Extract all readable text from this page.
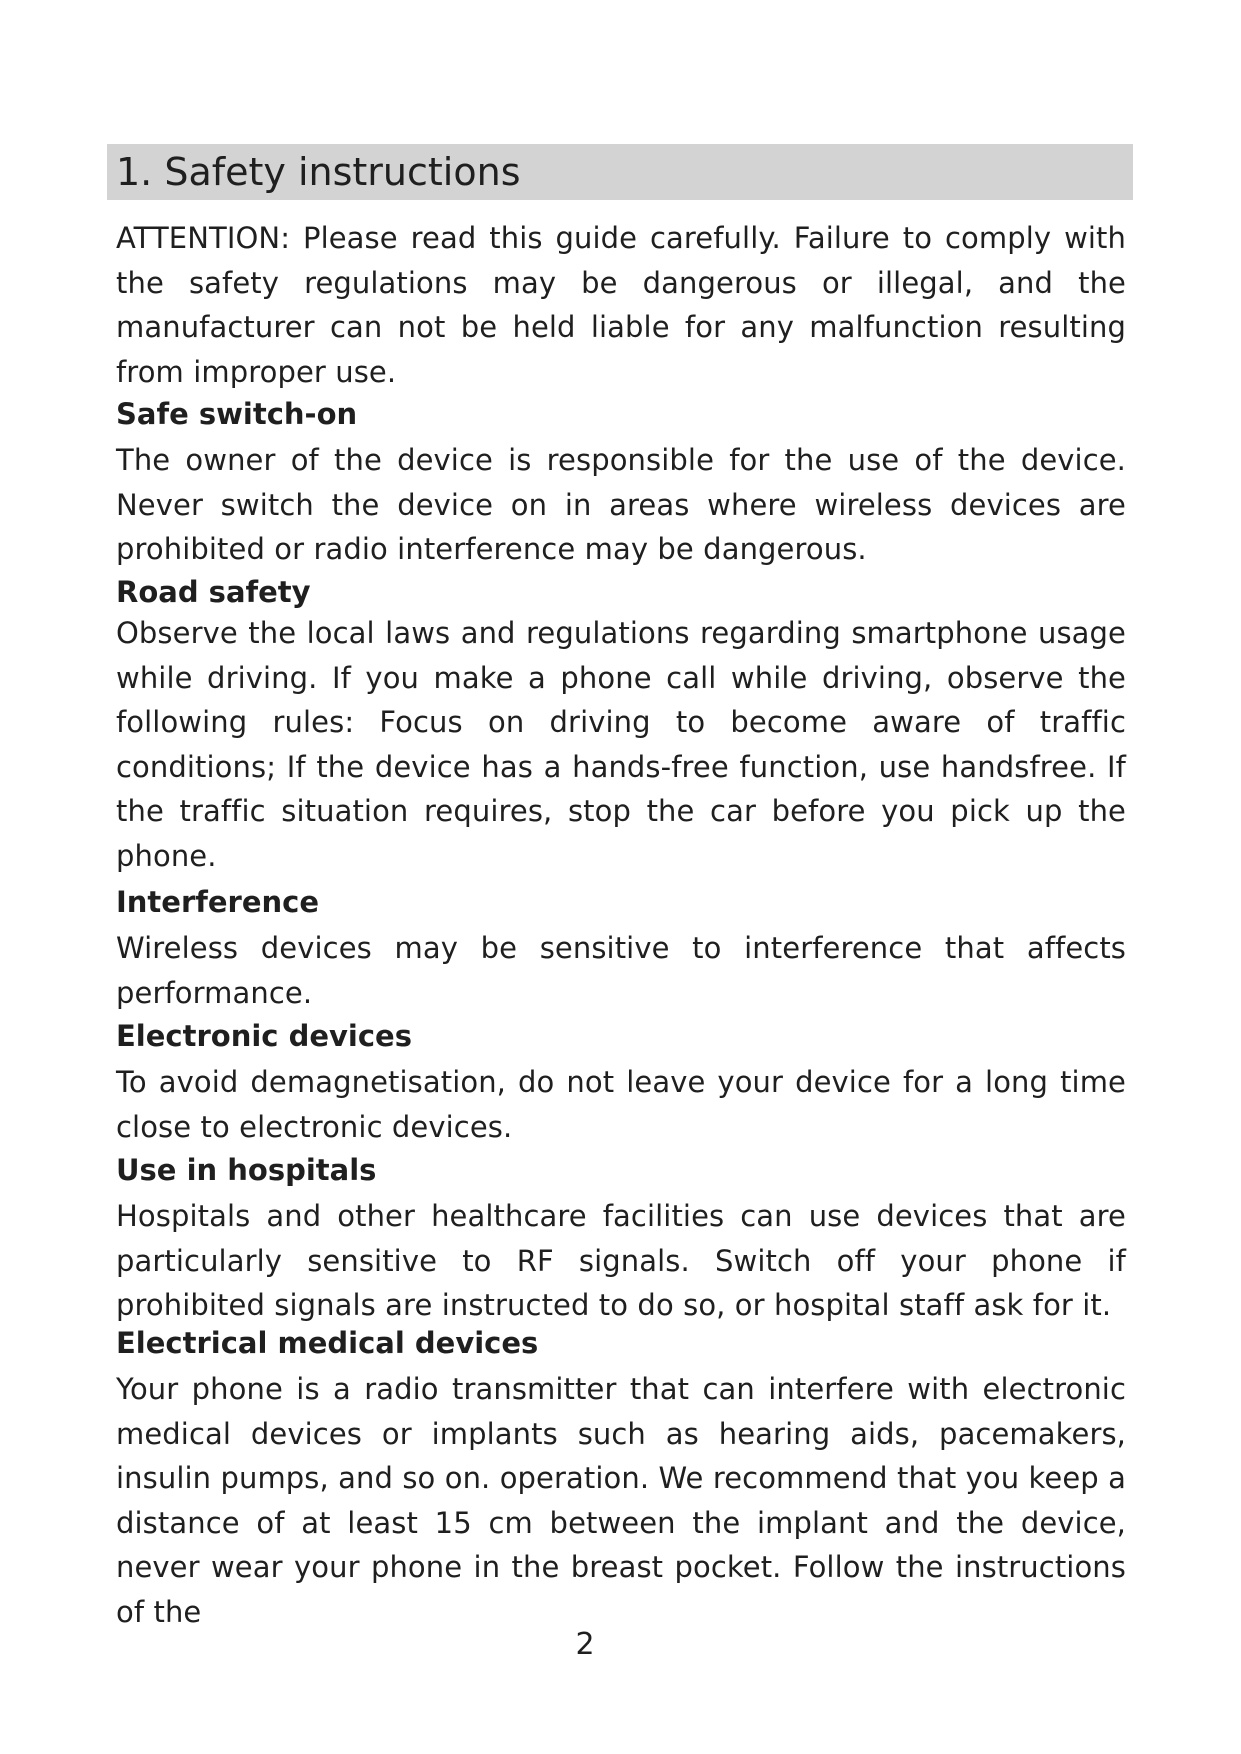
1. Safety instructions

ATTENTION: Please read this guide carefully. Failure to comply with the safety regulations may be dangerous or illegal, and the manufacturer can not be held liable for any malfunction resulting from improper use.

Safe switch-on

The owner of the device is responsible for the use of the device. Never switch the device on in areas where wireless devices are prohibited or radio interference may be dangerous.

Road safety

Observe the local laws and regulations regarding smartphone usage while driving. If you make a phone call while driving, observe the following rules: Focus on driving to become aware of traffic conditions; If the device has a hands-free function, use handsfree. If the traffic situation requires, stop the car before you pick up the phone.

Interference

Wireless devices may be sensitive to interference that affects performance.

Electronic devices

To avoid demagnetisation, do not leave your device for a long time close to electronic devices.

Use in hospitals

Hospitals and other healthcare facilities can use devices that are particularly sensitive to RF signals. Switch off your phone if prohibited signals are instructed to do so, or hospital staff ask for it.

Electrical medical devices

Your phone is a radio transmitter that can interfere with electronic medical devices or implants such as hearing aids, pacemakers, insulin pumps, and so on. operation. We recommend that you keep a distance of at least 15 cm between the implant and the device, never wear your phone in the breast pocket. Follow the instructions of the

2
